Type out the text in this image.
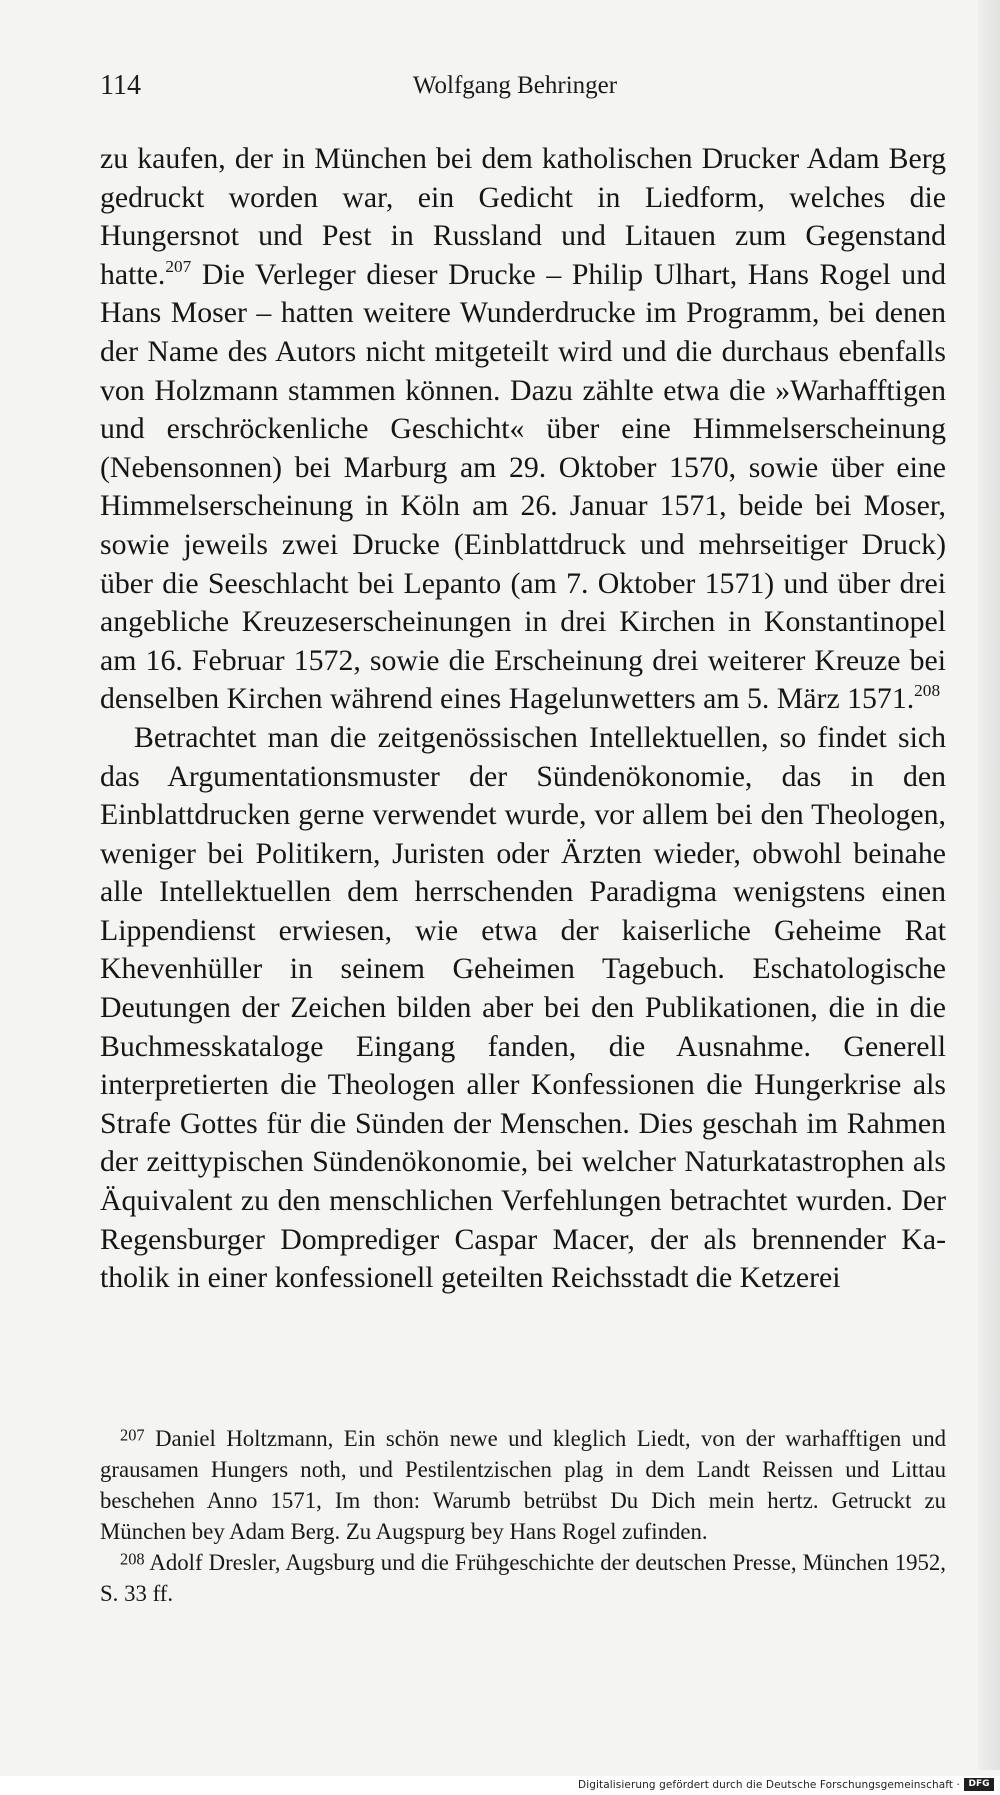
114	Wolfgang Behringer

zu kaufen, der in München bei dem katholischen Drucker Adam Berg gedruckt worden war, ein Gedicht in Liedform, welches die Hungersnot und Pest in Russland und Litauen zum Gegenstand hatte.$^{207}$ Die Verleger dieser Drucke – Philip Ulhart, Hans Rogel und Hans Moser – hatten weitere Wunderdrucke im Programm, bei denen der Name des Autors nicht mitgeteilt wird und die durchaus ebenfalls von Holzmann stammen können. Dazu zählte etwa die »Warhafftigen und erschröckenliche Geschicht« über eine Himmelserscheinung (Nebensonnen) bei Marburg am 29. Oktober 1570, sowie über eine Himmelserscheinung in Köln am 26. Januar 1571, beide bei Moser, sowie jeweils zwei Drucke (Einblattdruck und mehrseitiger Druck) über die Seeschlacht bei Lepanto (am 7. Oktober 1571) und über drei angebliche Kreuzeserscheinungen in drei Kirchen in Konstantinopel am 16. Februar 1572, sowie die Erscheinung drei weiterer Kreuze bei denselben Kirchen während eines Hagelunwetters am 5. März 1571.$^{208}$

Betrachtet man die zeitgenössischen Intellektuellen, so findet sich das Argumentationsmuster der Sündenökonomie, das in den Einblattdrucken gerne verwendet wurde, vor allem bei den Theologen, weniger bei Politikern, Juristen oder Ärzten wieder, obwohl beinahe alle Intellektuellen dem herrschenden Paradigma wenigstens einen Lippendienst erwiesen, wie etwa der kaiserliche Geheime Rat Khevenhüller in seinem Geheimen Tagebuch. Eschatologische Deutungen der Zeichen bilden aber bei den Publikationen, die in die Buchmesskataloge Eingang fanden, die Ausnahme. Generell interpretierten die Theologen aller Konfessionen die Hungerkrise als Strafe Gottes für die Sünden der Menschen. Dies geschah im Rahmen der zeittypischen Sündenökonomie, bei welcher Naturkatastrophen als Äquivalent zu den menschlichen Verfehlungen betrachtet wurden. Der Regensburger Domprediger Caspar Macer, der als brennender Katholik in einer konfessionell geteilten Reichsstadt die Ketzerei

$^{207}$ Daniel Holtzmann, Ein schön newe und kleglich Liedt, von der warhafftigen und grausamen Hungers noth, und Pestilentzischen plag in dem Landt Reissen und Littau beschehen Anno 1571, Im thon: Warumb betrübst Du Dich mein hertz. Getruckt zu München bey Adam Berg. Zu Augspurg bey Hans Rogel zufinden.

$^{208}$ Adolf Dresler, Augsburg und die Frühgeschichte der deutschen Presse, München 1952, S. 33 ff.

Digitalisierung gefördert durch die Deutsche Forschungsgemeinschaft · DFG
